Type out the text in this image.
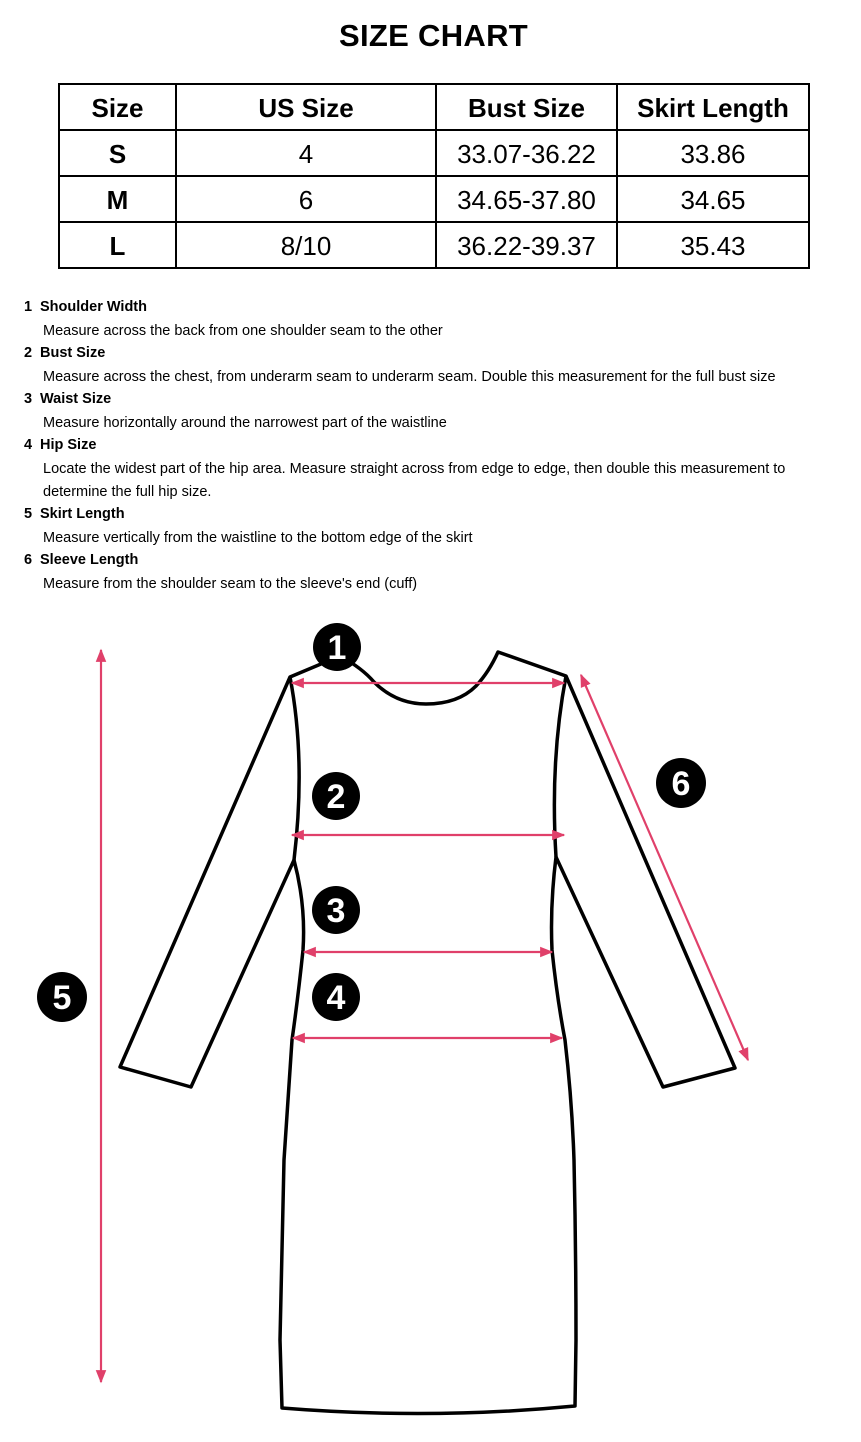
SIZE CHART
Size	US Size	Bust Size	Skirt Length
S	4	33.07-36.22	33.86
M	6	34.65-37.80	34.65
L	8/10	36.22-39.37	35.43
1 Shoulder Width
Measure across the back from one shoulder seam to the other
2 Bust Size
Measure across the chest, from underarm seam to underarm seam. Double this measurement for the full bust size
3 Waist Size
Measure horizontally around the narrowest part of the waistline
4 Hip Size
Locate the widest part of the hip area. Measure straight across from edge to edge, then double this measurement to determine the full hip size.
5 Skirt Length
Measure vertically from the waistline to the bottom edge of the skirt
6 Sleeve Length
Measure from the shoulder seam to the sleeve's end (cuff)
1
2
3
4
5
6
